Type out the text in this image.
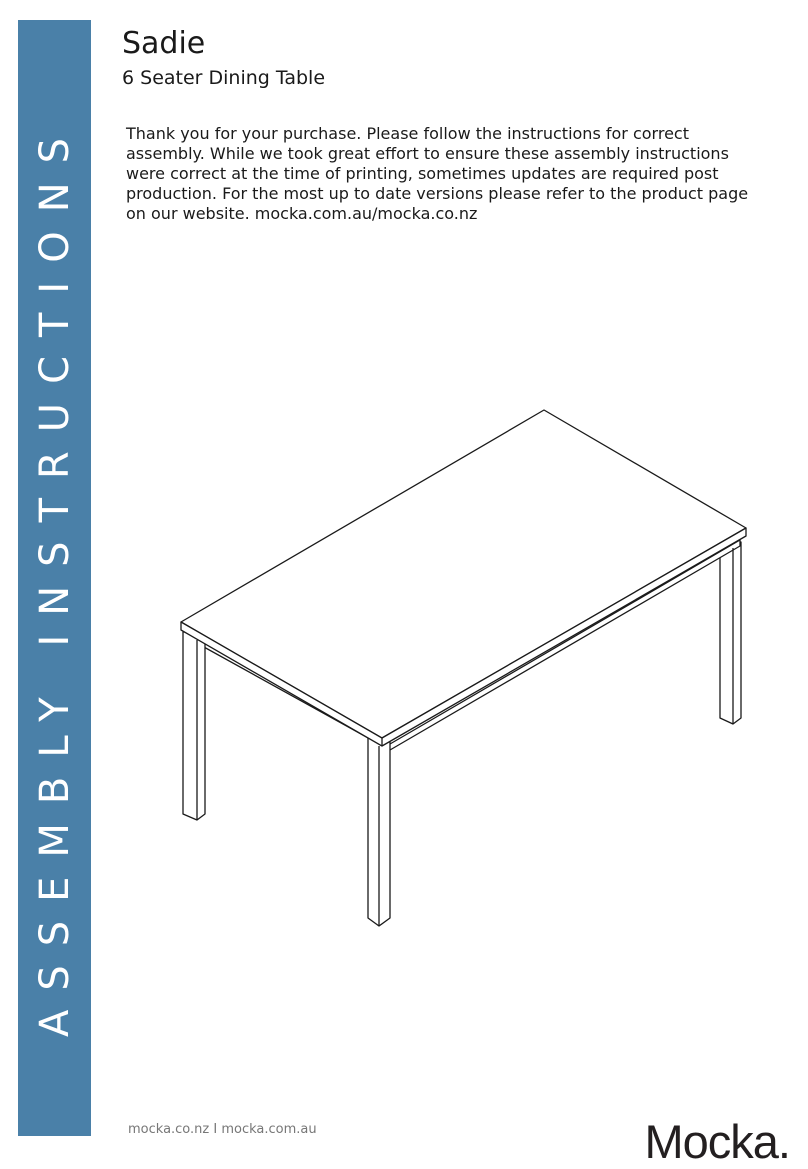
ASSEMBLY INSTRUCTIONS
Sadie
6 Seater Dining Table

Thank you for your purchase. Please follow the instructions for correct assembly. While we took great effort to ensure these assembly instructions were correct at the time of printing, sometimes updates are required post production. For the most up to date versions please refer to the product page on our website. mocka.com.au/mocka.co.nz

mocka.co.nz I mocka.com.au	Mocka.
